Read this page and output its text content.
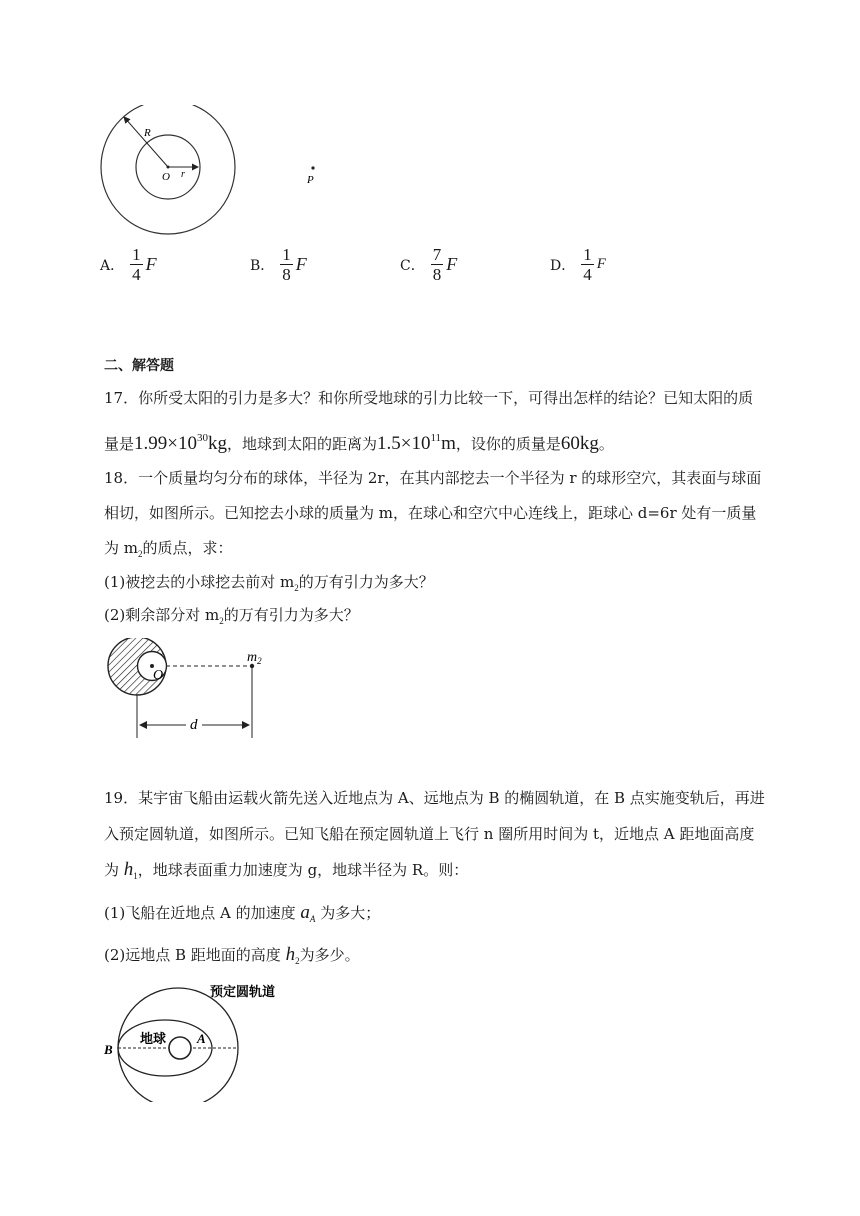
R
O r	P
A． $\frac{1}{4}$ F	B． $\frac{1}{8}$ F	C． $\frac{7}{8}$ F	D． $\frac{1}{4}$ F
二、解答题
17．你所受太阳的引力是多大？和你所受地球的引力比较一下，可得出怎样的结论？已知太阳的质
量是$1.99\times 10^{30}kg$，地球到太阳的距离为$1.5\times 10^{11}m$，设你的质量是60kg。
18．一个质量均匀分布的球体，半径为 2r，在其内部挖去一个半径为 r 的球形空穴，其表面与球面
相切，如图所示。已知挖去小球的质量为 m，在球心和空穴中心连线上，距球心 d=6r 处有一质量
为 $m_2$的质点，求：
(1)被挖去的小球挖去前对 $m_2$的万有引力为多大？
(2)剩余部分对 $m_2$的万有引力为多大？
O
$m_2$
d
19．某宇宙飞船由运载火箭先送入近地点为 A、远地点为 B 的椭圆轨道，在 B 点实施变轨后，再进
入预定圆轨道，如图所示。已知飞船在预定圆轨道上飞行 n 圈所用时间为 t，近地点 A 距地面高度
为 $h_1$，地球表面重力加速度为 g，地球半径为 R。则：
(1)飞船在近地点 A 的加速度 $a_A$ 为多大；
(2)远地点 B 距地面的高度 $h_2$为多少。
预定圆轨道
地球
B
A
